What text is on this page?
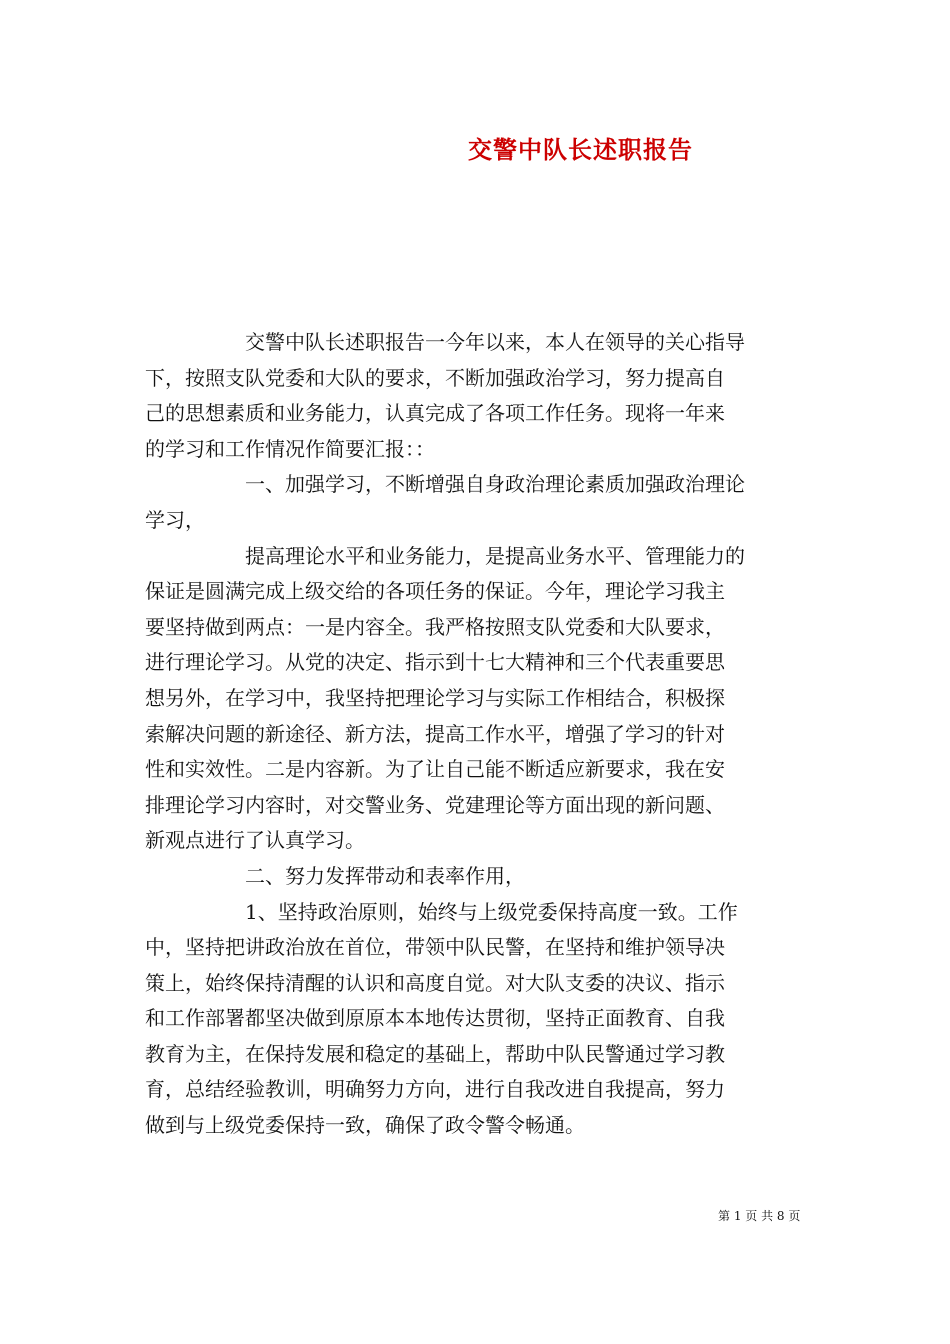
交警中队长述职报告
　　　　　交警中队长述职报告一今年以来，本人在领导的关心指导
下，按照支队党委和大队的要求，不断加强政治学习，努力提高自
己的思想素质和业务能力，认真完成了各项工作任务。现将一年来
的学习和工作情况作简要汇报：：
　　　　　一、加强学习，不断增强自身政治理论素质加强政治理论
学习，
　　　　　提高理论水平和业务能力，是提高业务水平、管理能力的
保证是圆满完成上级交给的各项任务的保证。今年，理论学习我主
要坚持做到两点：一是内容全。我严格按照支队党委和大队要求，
进行理论学习。从党的决定、指示到十七大精神和三个代表重要思
想另外，在学习中，我坚持把理论学习与实际工作相结合，积极探
索解决问题的新途径、新方法，提高工作水平，增强了学习的针对
性和实效性。二是内容新。为了让自己能不断适应新要求，我在安
排理论学习内容时，对交警业务、党建理论等方面出现的新问题、
新观点进行了认真学习。
　　　　　二、努力发挥带动和表率作用，
　　　　　1、坚持政治原则，始终与上级党委保持高度一致。工作
中，坚持把讲政治放在首位，带领中队民警，在坚持和维护领导决
策上，始终保持清醒的认识和高度自觉。对大队支委的决议、指示
和工作部署都坚决做到原原本本地传达贯彻，坚持正面教育、自我
教育为主，在保持发展和稳定的基础上，帮助中队民警通过学习教
育，总结经验教训，明确努力方向，进行自我改进自我提高，努力
做到与上级党委保持一致，确保了政令警令畅通。
第 1 页 共 8 页
